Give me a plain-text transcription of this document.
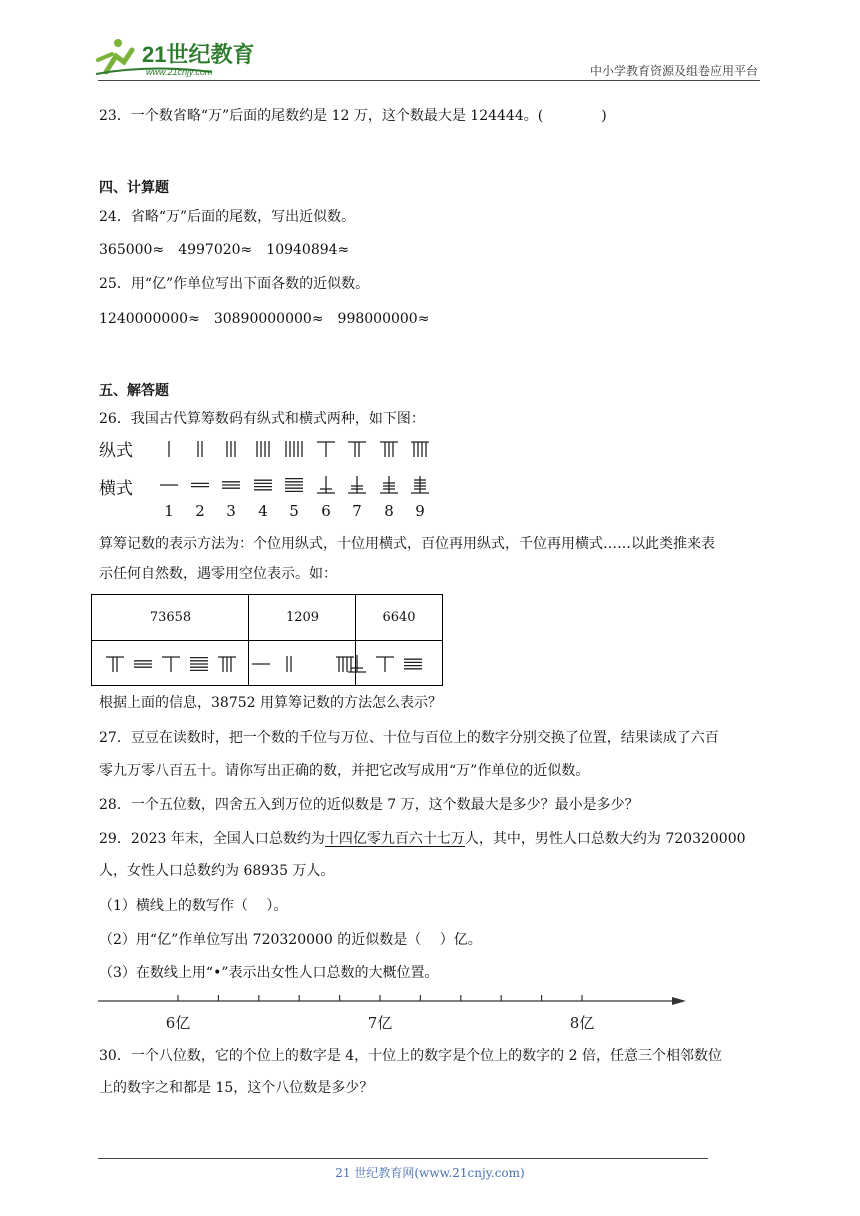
21世纪教育
www.21cnjy.com	中小学教育资源及组卷应用平台
23．一个数省略“万”后面的尾数约是 12 万，这个数最大是 124444。(	)
四、计算题
24．省略“万”后面的尾数，写出近似数。
365000≈ 4997020≈ 10940894≈
25．用“亿”作单位写出下面各数的近似数。
1240000000≈ 30890000000≈ 998000000≈
五、解答题
26．我国古代算筹数码有纵式和横式两种，如下图：
纵式
横式
1	2	3	4	5	6	7	8	9
算筹记数的表示方法为：个位用纵式，十位用横式，百位再用纵式，千位再用横式……以此类推来表
示任何自然数，遇零用空位表示。如：
73658	1209	6640
根据上面的信息，38752 用算筹记数的方法怎么表示？
27．豆豆在读数时，把一个数的千位与万位、十位与百位上的数字分别交换了位置，结果读成了六百
零九万零八百五十。请你写出正确的数，并把它改写成用“万”作单位的近似数。
28．一个五位数，四舍五入到万位的近似数是 7 万，这个数最大是多少？最小是多少？
29．2023 年末，全国人口总数约为十四亿零九百六十七万人，其中，男性人口总数大约为 720320000
人，女性人口总数约为 68935 万人。
（1）横线上的数写作（　 ）。
（2）用“亿”作单位写出 720320000 的近似数是（　 ）亿。
（3）在数线上用“•”表示出女性人口总数的大概位置。
6亿	7亿	8亿
30．一个八位数，它的个位上的数字是 4，十位上的数字是个位上的数字的 2 倍，任意三个相邻数位
上的数字之和都是 15，这个八位数是多少？
21 世纪教育网(www.21cnjy.com)
